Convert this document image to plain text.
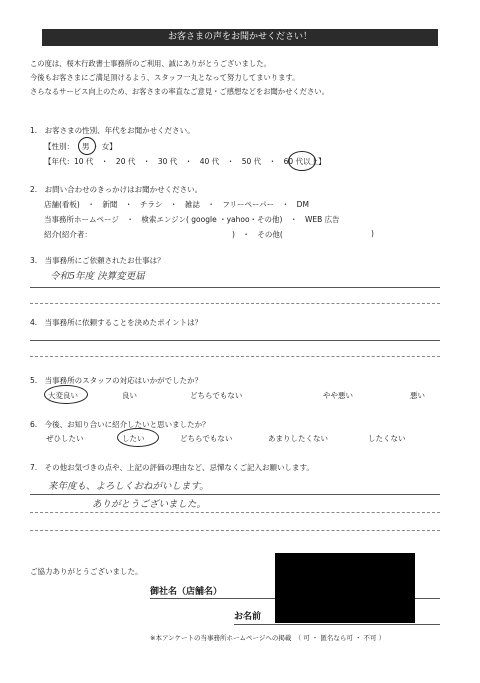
お客さまの声をお聞かせください！
この度は、桜木行政書士事務所のご利用、誠にありがとうございました。
今後もお客さまにご満足頂けるよう、スタッフ一丸となって努力してまいります。
さらなるサービス向上のため、お客さまの率直なご意見・ご感想などをお聞かせください。
1.　お客さまの性別、年代をお聞かせください。
【性別： 男 ・ 女】
【年代：10 代　・　20 代　・　30 代　・　40 代　・　50 代　・　60 代以上】
2.　お問い合わせのきっかけはお聞かせください。
店舗(看板)　・　新聞　・　チラシ　・　雑誌　・　フリーペーパー　・　DM
当事務所ホームページ　・　検索エンジン( google ・yahoo・その他)　・　WEB 広告
紹介(紹介者：	)　・　その他(	)
3.　当事務所にご依頼されたお仕事は？
令和5年度 決算変更届
4.　当事務所に依頼することを決めたポイントは？
5.　当事務所のスタッフの対応はいかがでしたか？
大変良い	良い	どちらでもない	やや悪い	悪い
6.　今後、お知り合いに紹介したいと思いましたか？
ぜひしたい	したい	どちらでもない	あまりしたくない	したくない
7.　その他お気づきの点や、上記の評価の理由など、忌憚なくご記入お願いします。
来年度も、よろしくおねがいします。
ありがとうございました。
ご協力ありがとうございました。
御社名（店舗名）
お名前
※本アンケートの当事務所ホームページへの掲載　（ 可 ・ 匿名なら可 ・ 不可 ）
